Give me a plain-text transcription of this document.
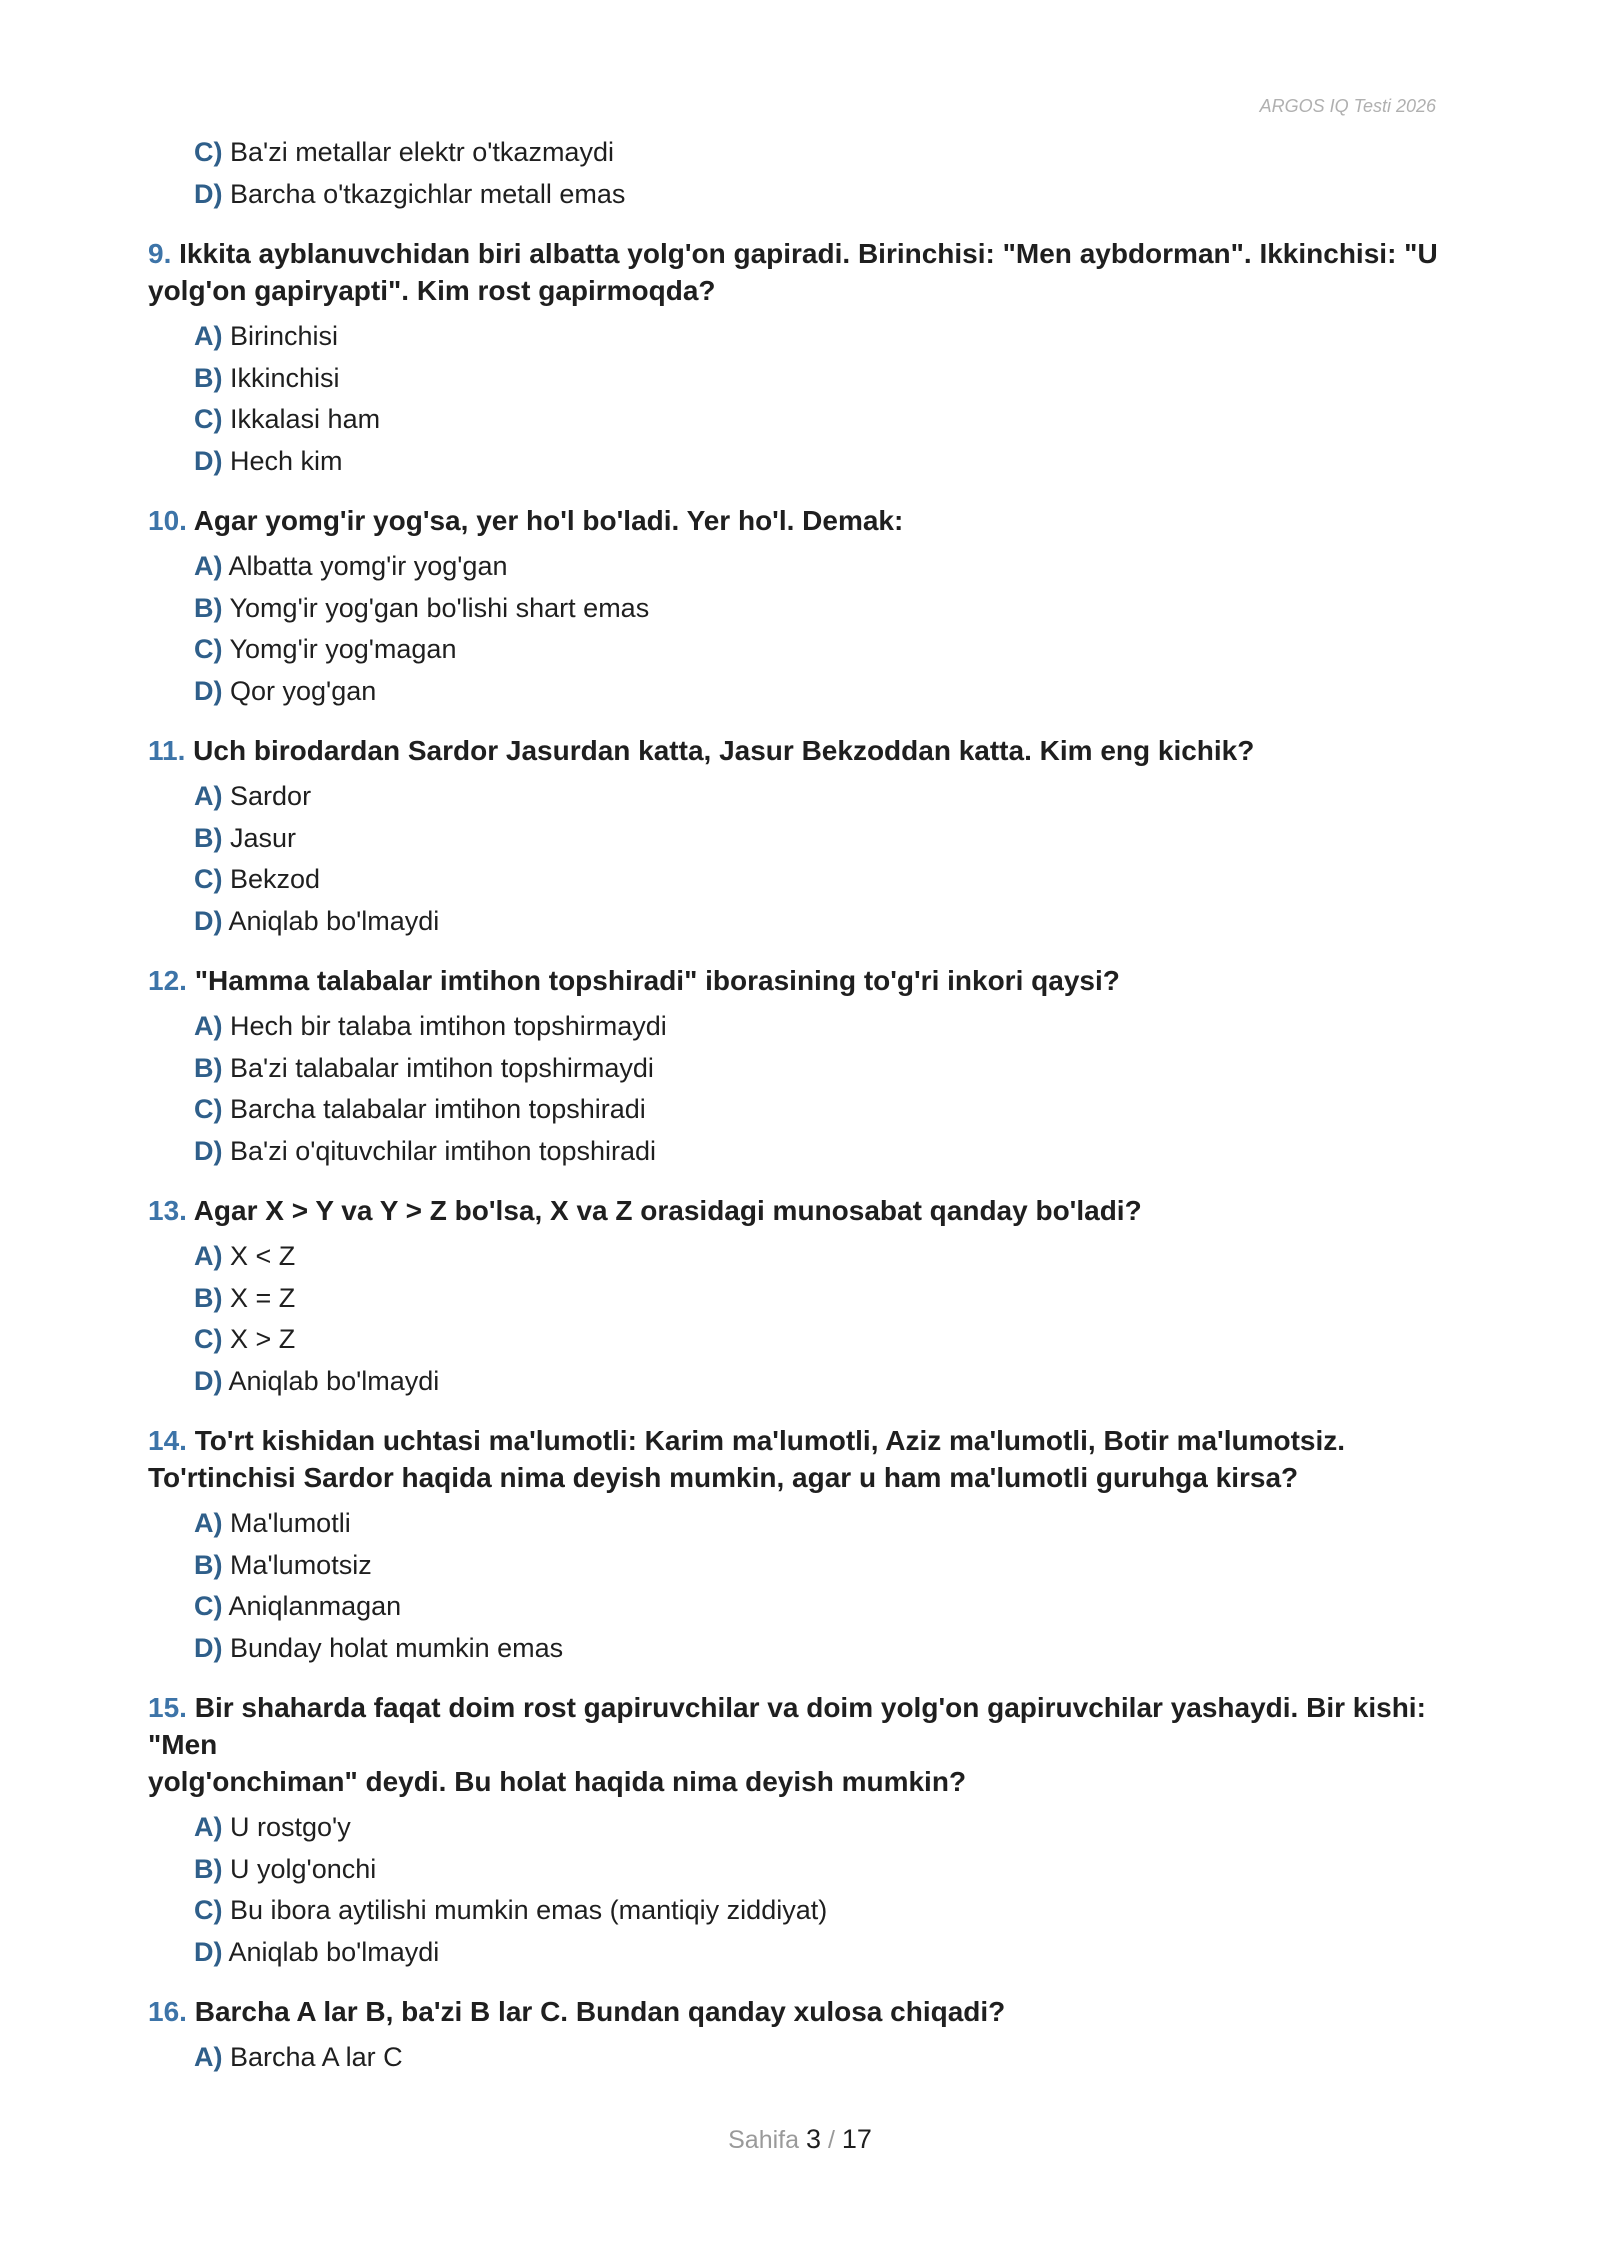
ARGOS IQ Testi 2026
C) Ba'zi metallar elektr o'tkazmaydi
D) Barcha o'tkazgichlar metall emas
9. Ikkita ayblanuvchidan biri albatta yolg'on gapiradi. Birinchisi: "Men aybdorman". Ikkinchisi: "U
yolg'on gapiryapti". Kim rost gapirmoqda?
A) Birinchisi
B) Ikkinchisi
C) Ikkalasi ham
D) Hech kim
10. Agar yomg'ir yog'sa, yer ho'l bo'ladi. Yer ho'l. Demak:
A) Albatta yomg'ir yog'gan
B) Yomg'ir yog'gan bo'lishi shart emas
C) Yomg'ir yog'magan
D) Qor yog'gan
11. Uch birodardan Sardor Jasurdan katta, Jasur Bekzoddan katta. Kim eng kichik?
A) Sardor
B) Jasur
C) Bekzod
D) Aniqlab bo'lmaydi
12. "Hamma talabalar imtihon topshiradi" iborasining to'g'ri inkori qaysi?
A) Hech bir talaba imtihon topshirmaydi
B) Ba'zi talabalar imtihon topshirmaydi
C) Barcha talabalar imtihon topshiradi
D) Ba'zi o'qituvchilar imtihon topshiradi
13. Agar X > Y va Y > Z bo'lsa, X va Z orasidagi munosabat qanday bo'ladi?
A) X < Z
B) X = Z
C) X > Z
D) Aniqlab bo'lmaydi
14. To'rt kishidan uchtasi ma'lumotli: Karim ma'lumotli, Aziz ma'lumotli, Botir ma'lumotsiz.
To'rtinchisi Sardor haqida nima deyish mumkin, agar u ham ma'lumotli guruhga kirsa?
A) Ma'lumotli
B) Ma'lumotsiz
C) Aniqlanmagan
D) Bunday holat mumkin emas
15. Bir shaharda faqat doim rost gapiruvchilar va doim yolg'on gapiruvchilar yashaydi. Bir kishi: "Men
yolg'onchiman" deydi. Bu holat haqida nima deyish mumkin?
A) U rostgo'y
B) U yolg'onchi
C) Bu ibora aytilishi mumkin emas (mantiqiy ziddiyat)
D) Aniqlab bo'lmaydi
16. Barcha A lar B, ba'zi B lar C. Bundan qanday xulosa chiqadi?
A) Barcha A lar C
Sahifa 3 / 17
